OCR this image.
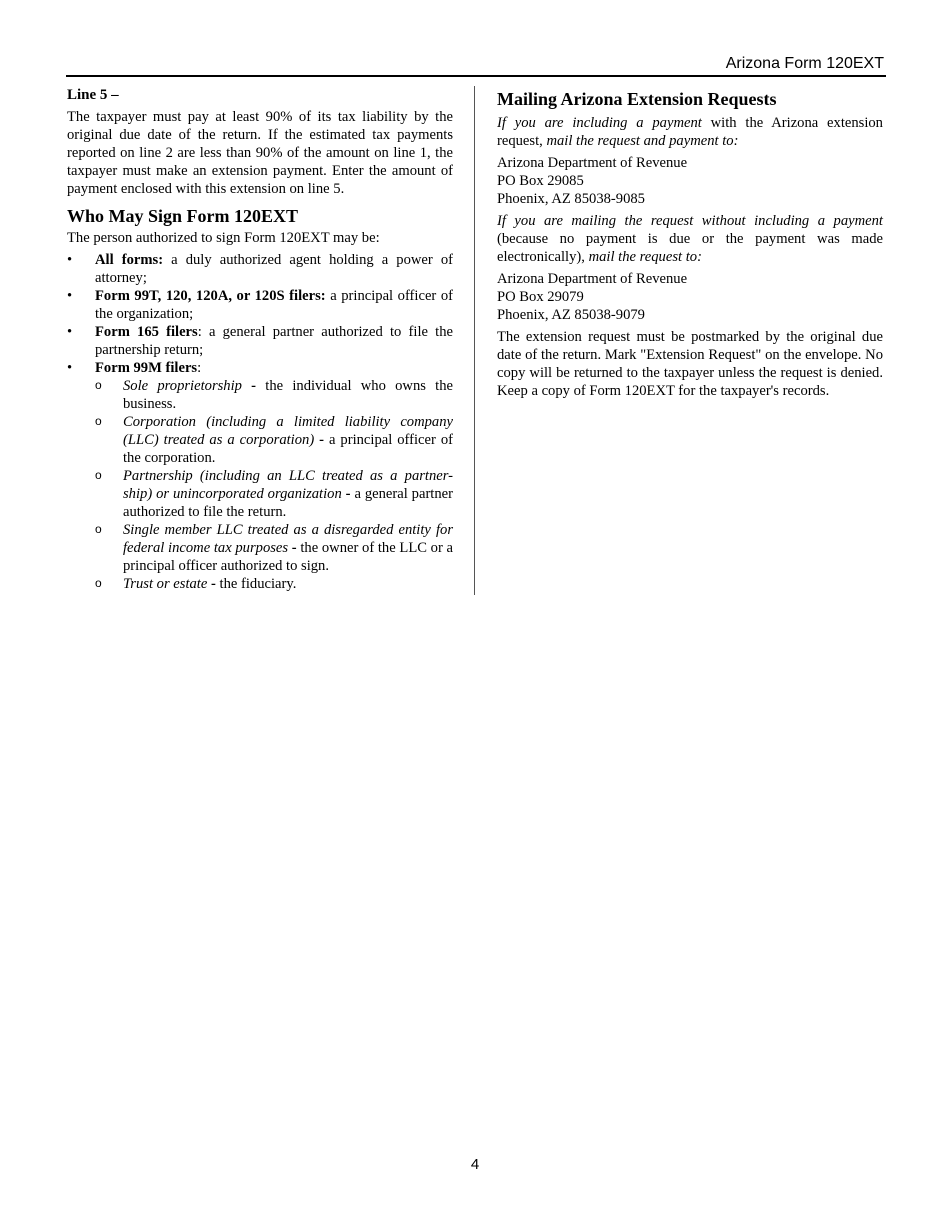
Arizona Form 120EXT
Line 5 –

The taxpayer must pay at least 90% of its tax liability by the original due date of the return. If the estimated tax payments reported on line 2 are less than 90% of the amount on line 1, the taxpayer must make an extension payment. Enter the amount of payment enclosed with this extension on line 5.

Who May Sign Form 120EXT

The person authorized to sign Form 120EXT may be:

•	All forms: a duly authorized agent holding a power of attorney;
•	Form 99T, 120, 120A, or 120S filers: a principal officer of the organization;
•	Form 165 filers: a general partner authorized to file the partnership return;
•	Form 99M filers:
o Sole proprietorship - the individual who owns the business.
o Corporation (including a limited liability company (LLC) treated as a corporation) - a principal officer of the corporation.
o Partnership (including an LLC treated as a partner-ship) or unincorporated organization - a general partner authorized to file the return.
o Single member LLC treated as a disregarded entity for federal income tax purposes - the owner of the LLC or a principal officer authorized to sign.
o Trust or estate - the fiduciary.
Mailing Arizona Extension Requests

If you are including a payment with the Arizona extension request, mail the request and payment to:

Arizona Department of Revenue
PO Box 29085
Phoenix, AZ 85038-9085

If you are mailing the request without including a payment (because no payment is due or the payment was made electronically), mail the request to:

Arizona Department of Revenue
PO Box 29079
Phoenix, AZ 85038-9079

The extension request must be postmarked by the original due date of the return. Mark "Extension Request" on the envelope. No copy will be returned to the taxpayer unless the request is denied. Keep a copy of Form 120EXT for the taxpayer's records.

4
